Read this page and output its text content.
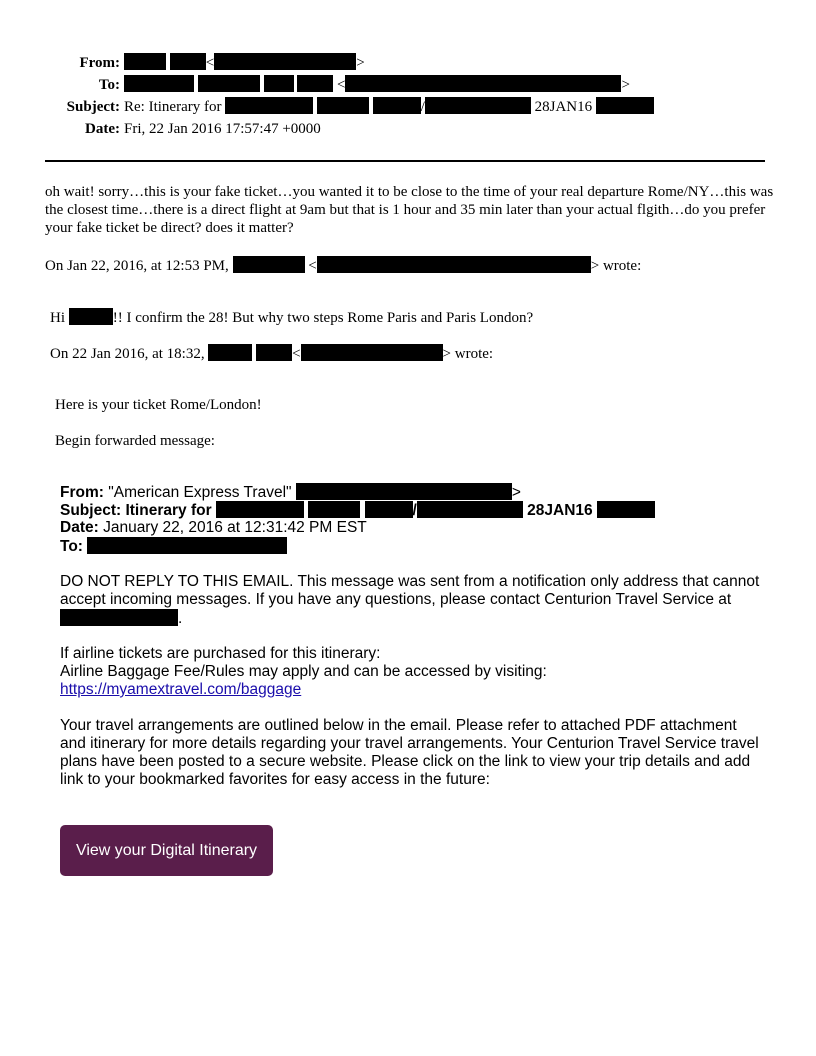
From:	<	>
To:	<	>
Subject: Re: Itinerary for	/	28JAN16
Date: Fri, 22 Jan 2016 17:57:47 +0000
oh wait! sorry…this is your fake ticket…you wanted it to be close to the time of your real departure Rome/NY…this was the closest time…there is a direct flight at 9am but that is 1 hour and 35 min later than your actual flgith…do you prefer your fake ticket be direct? does it matter?
On Jan 22, 2016, at 12:53 PM,	<	> wrote:
Hi	!! I confirm the 28! But why two steps Rome Paris and Paris London?
On 22 Jan 2016, at 18:32,	<	> wrote:
Here is your ticket Rome/London!
Begin forwarded message:
From: "American Express Travel"	>
Subject: Itinerary for	/	28JAN16
Date: January 22, 2016 at 12:31:42 PM EST
To:
DO NOT REPLY TO THIS EMAIL. This message was sent from a notification only address that cannot accept incoming messages. If you have any questions, please contact Centurion Travel Service at.
If airline tickets are purchased for this itinerary:
Airline Baggage Fee/Rules may apply and can be accessed by visiting:
https://myamextravel.com/baggage
Your travel arrangements are outlined below in the email. Please refer to attached PDF attachment and itinerary for more details regarding your travel arrangements. Your Centurion Travel Service travel plans have been posted to a secure website. Please click on the link to view your trip details and add link to your bookmarked favorites for easy access in the future:
View your Digital Itinerary
